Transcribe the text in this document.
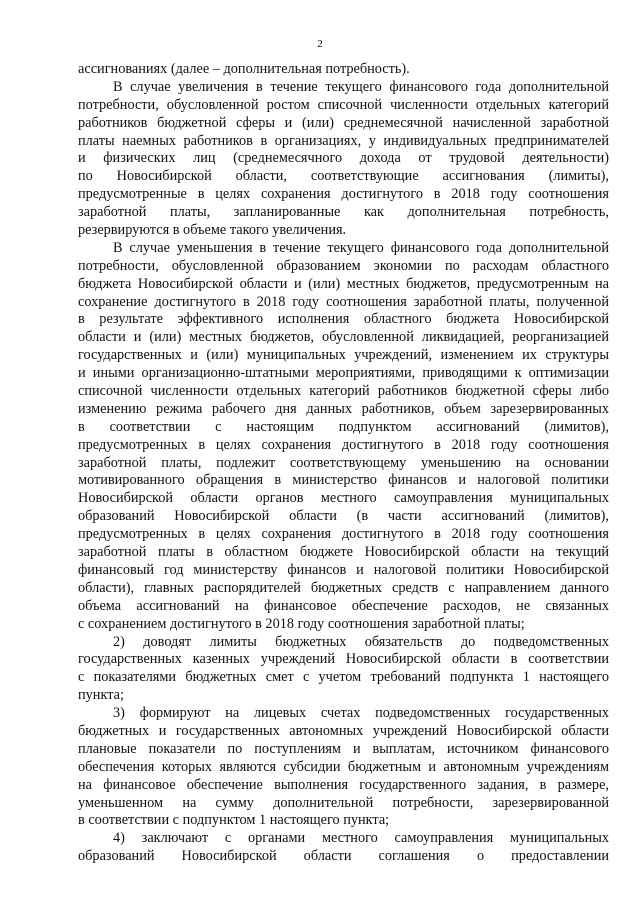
2
ассигнованиях (далее – дополнительная потребность).
В случае увеличения в течение текущего финансового года дополнительной
потребности, обусловленной ростом списочной численности отдельных категорий
работников бюджетной сферы и (или) среднемесячной начисленной заработной
платы наемных работников в организациях, у индивидуальных предпринимателей
и физических лиц (среднемесячного дохода от трудовой деятельности)
по Новосибирской области, соответствующие ассигнования (лимиты),
предусмотренные в целях сохранения достигнутого в 2018 году соотношения
заработной платы, запланированные как дополнительная потребность,
резервируются в объеме такого увеличения.
В случае уменьшения в течение текущего финансового года дополнительной
потребности, обусловленной образованием экономии по расходам областного
бюджета Новосибирской области и (или) местных бюджетов, предусмотренным на
сохранение достигнутого в 2018 году соотношения заработной платы, полученной
в результате эффективного исполнения областного бюджета Новосибирской
области и (или) местных бюджетов, обусловленной ликвидацией, реорганизацией
государственных и (или) муниципальных учреждений, изменением их структуры
и иными организационно-штатными мероприятиями, приводящими к оптимизации
списочной численности отдельных категорий работников бюджетной сферы либо
изменению режима рабочего дня данных работников, объем зарезервированных
в соответствии с настоящим подпунктом ассигнований (лимитов),
предусмотренных в целях сохранения достигнутого в 2018 году соотношения
заработной платы, подлежит соответствующему уменьшению на основании
мотивированного обращения в министерство финансов и налоговой политики
Новосибирской области органов местного самоуправления муниципальных
образований Новосибирской области (в части ассигнований (лимитов),
предусмотренных в целях сохранения достигнутого в 2018 году соотношения
заработной платы в областном бюджете Новосибирской области на текущий
финансовый год министерству финансов и налоговой политики Новосибирской
области), главных распорядителей бюджетных средств с направлением данного
объема ассигнований на финансовое обеспечение расходов, не связанных
с сохранением достигнутого в 2018 году соотношения заработной платы;
2) доводят лимиты бюджетных обязательств до подведомственных
государственных казенных учреждений Новосибирской области в соответствии
с показателями бюджетных смет с учетом требований подпункта 1 настоящего
пункта;
3) формируют на лицевых счетах подведомственных государственных
бюджетных и государственных автономных учреждений Новосибирской области
плановые показатели по поступлениям и выплатам, источником финансового
обеспечения которых являются субсидии бюджетным и автономным учреждениям
на финансовое обеспечение выполнения государственного задания, в размере,
уменьшенном на сумму дополнительной потребности, зарезервированной
в соответствии с подпунктом 1 настоящего пункта;
4) заключают с органами местного самоуправления муниципальных
образований Новосибирской области соглашения о предоставлении
